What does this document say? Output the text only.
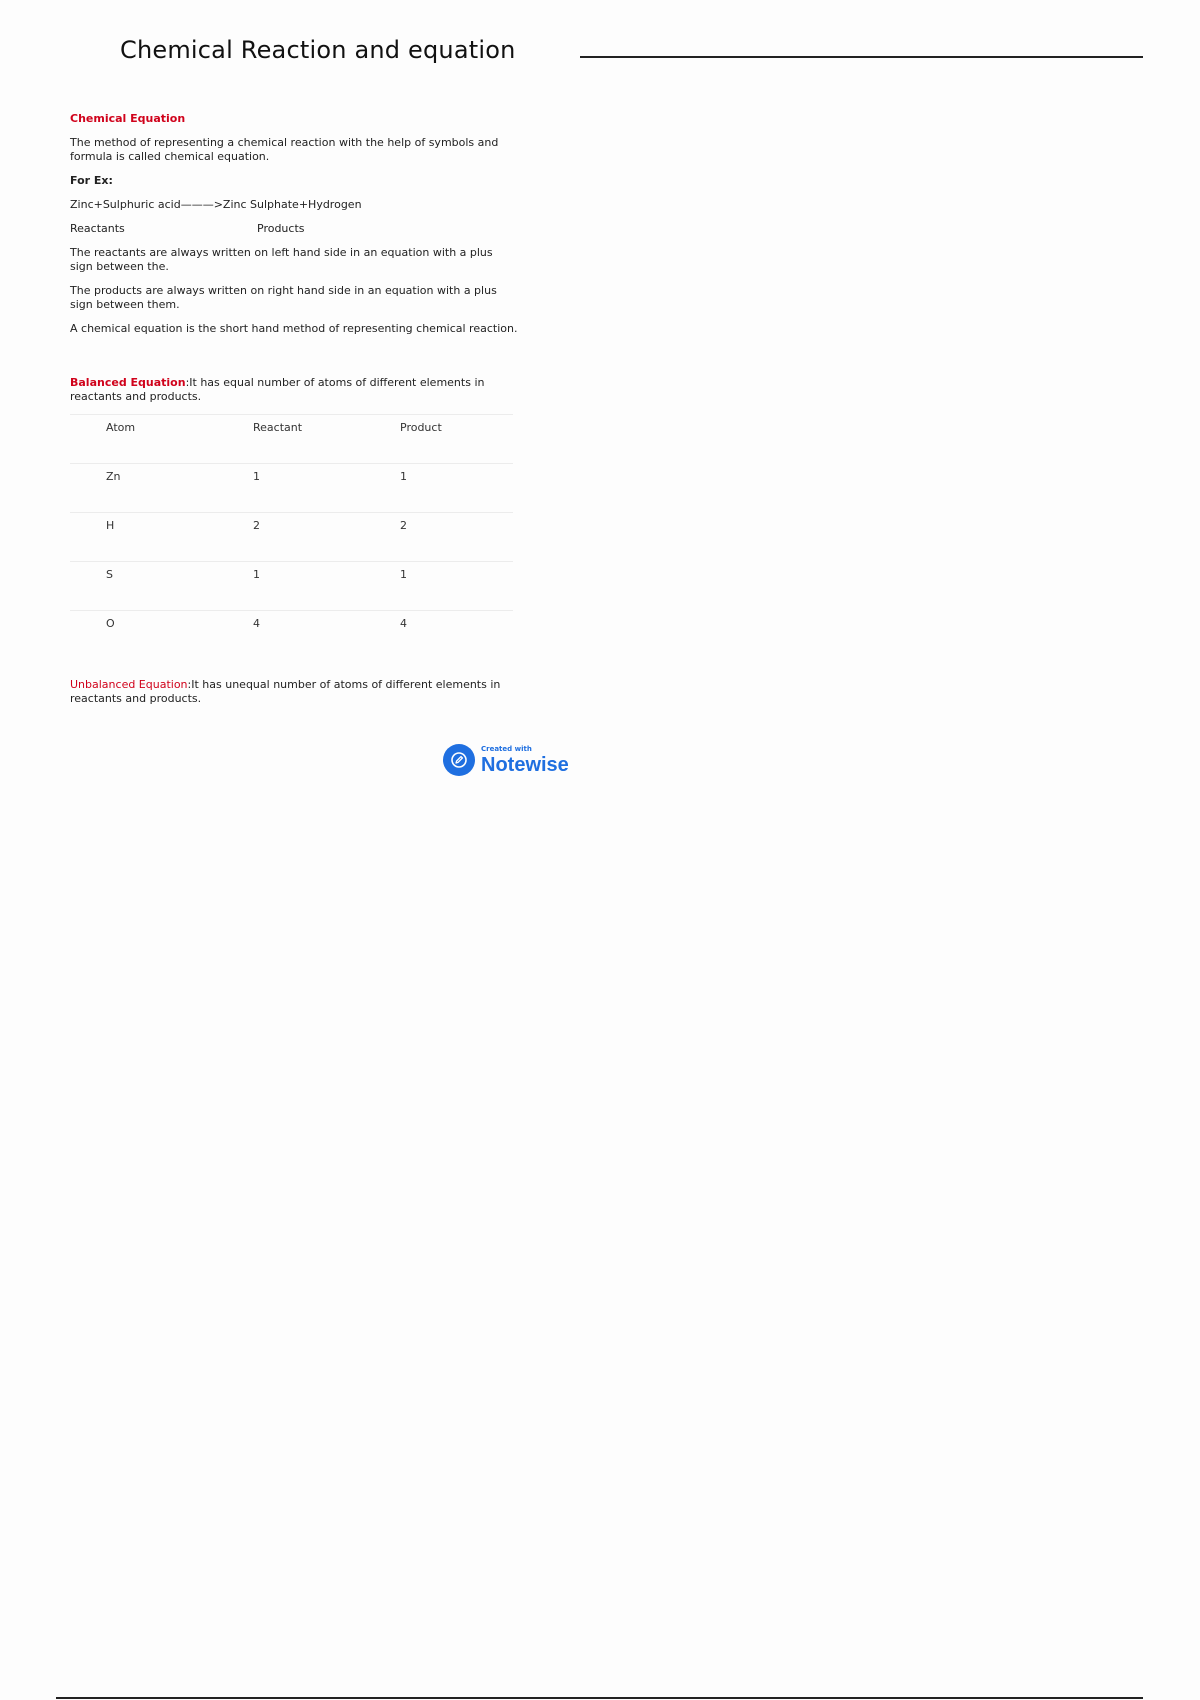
Chemical Reaction and equation
Chemical Equation
The method of representing a chemical reaction with the help of symbols and formula is called chemical equation.
For Ex:
Zinc+Sulphuric acid———>Zinc Sulphate+Hydrogen
Reactants	Products
The reactants are always written on left hand side in an equation with a plus sign between the.
The products are always written on right hand side in an equation with a plus sign between them.
A chemical equation is the short hand method of representing chemical reaction.
Balanced Equation:It has equal number of atoms of different elements in reactants and products.
Atom	Reactant	Product
Zn	1	1
H	2	2
S	1	1
O	4	4
Unbalanced Equation:It has unequal number of atoms of different elements in reactants and products.
Created with
Notewise
